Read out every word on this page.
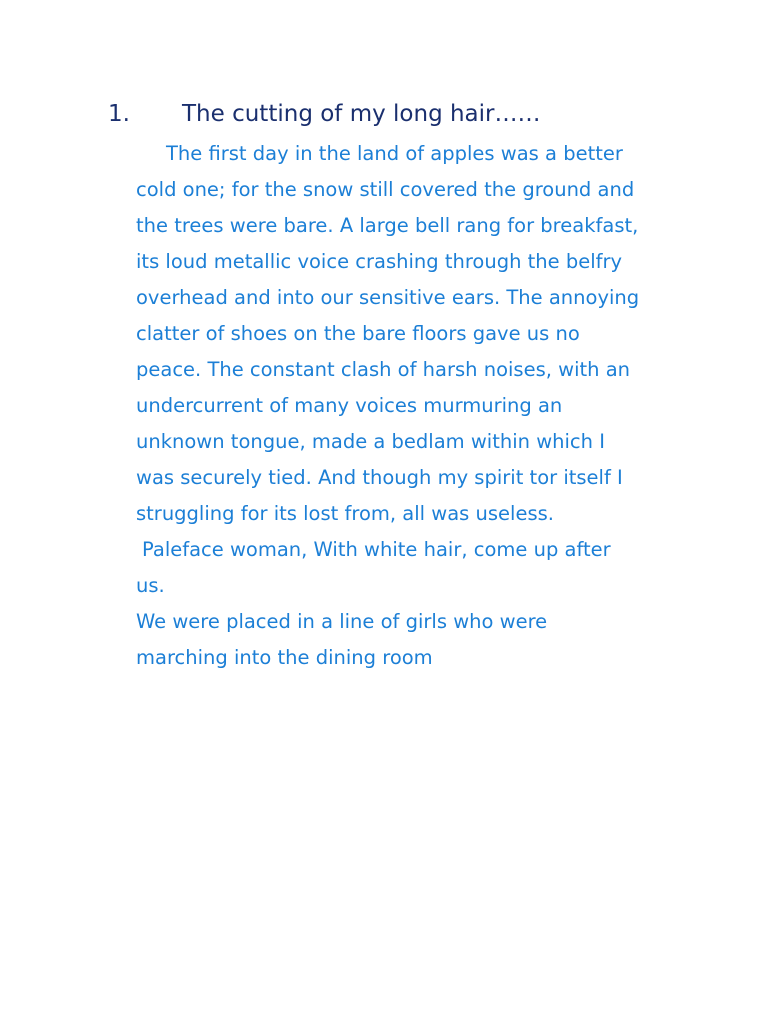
1. The cutting of my long hair……
The first day in the land of apples was a better
cold one; for the snow still covered the ground and
the trees were bare. A large bell rang for breakfast,
its loud metallic voice crashing through the belfry
overhead and into our sensitive ears. The annoying
clatter of shoes on the bare floors gave us no
peace. The constant clash of harsh noises, with an
undercurrent of many voices murmuring an
unknown tongue, made a bedlam within which I
was securely tied. And though my spirit tor itself I
struggling for its lost from, all was useless.
Paleface woman, With white hair, come up after
us.
We were placed in a line of girls who were
marching into the dining room
